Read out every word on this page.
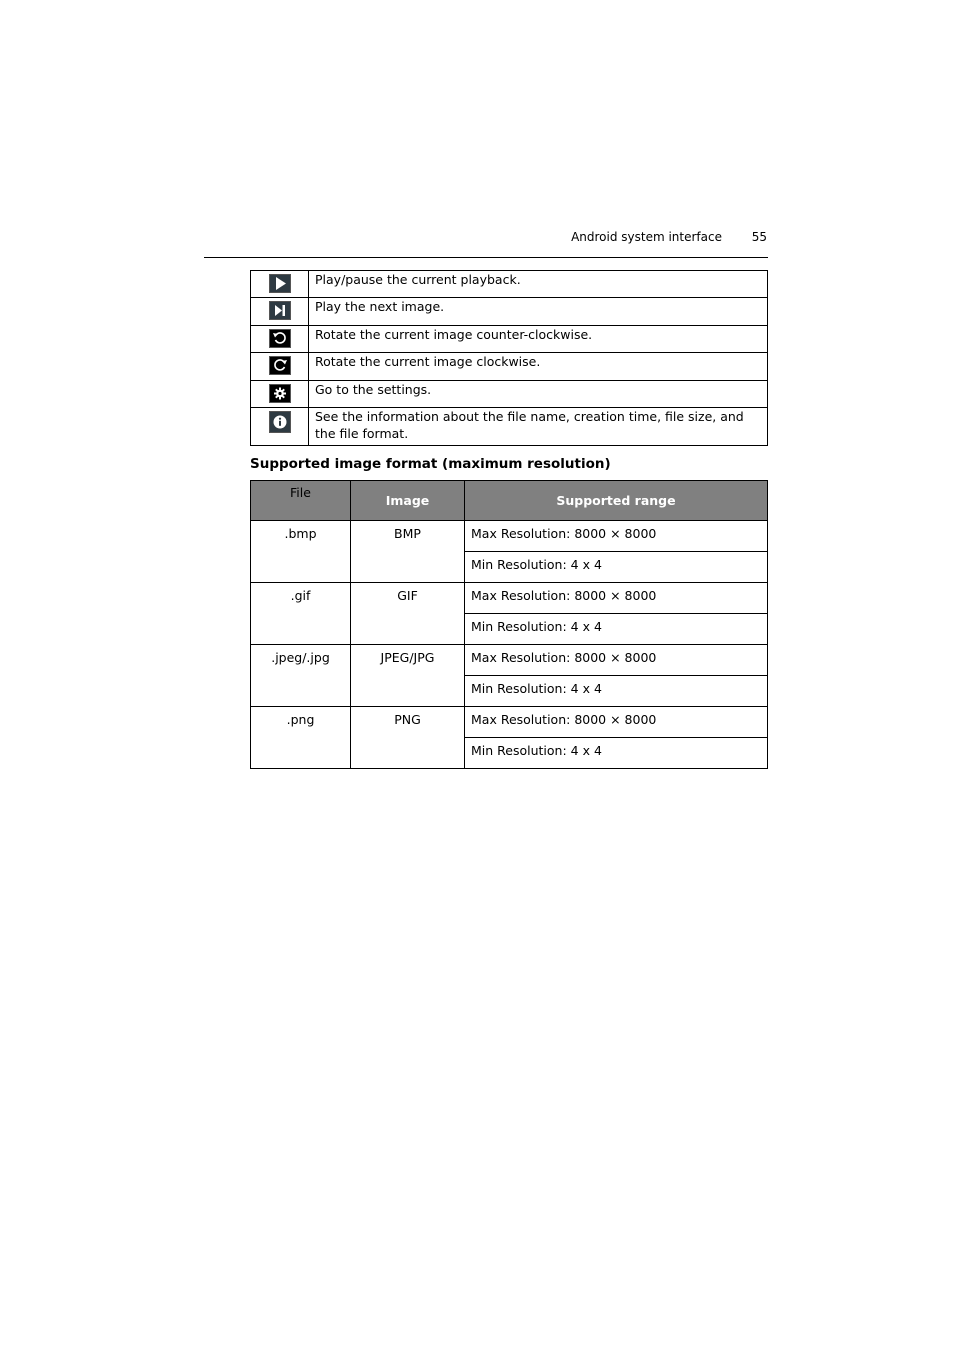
Android system interface 55
	Play/pause the current playback.

	Play the next image.

	Rotate the current image counter-clockwise.

	Rotate the current image clockwise.

	Go to the settings.

	See the information about the file name, creation time, file size, and the file format.
Supported image format (maximum resolution)
File	Image	Supported range
.bmp	BMP	Max Resolution: 8000 × 8000
		Min Resolution: 4 x 4
.gif	GIF	Max Resolution: 8000 × 8000
		Min Resolution: 4 x 4
.jpeg/.jpg	JPEG/JPG	Max Resolution: 8000 × 8000
		Min Resolution: 4 x 4
.png	PNG	Max Resolution: 8000 × 8000
		Min Resolution: 4 x 4
